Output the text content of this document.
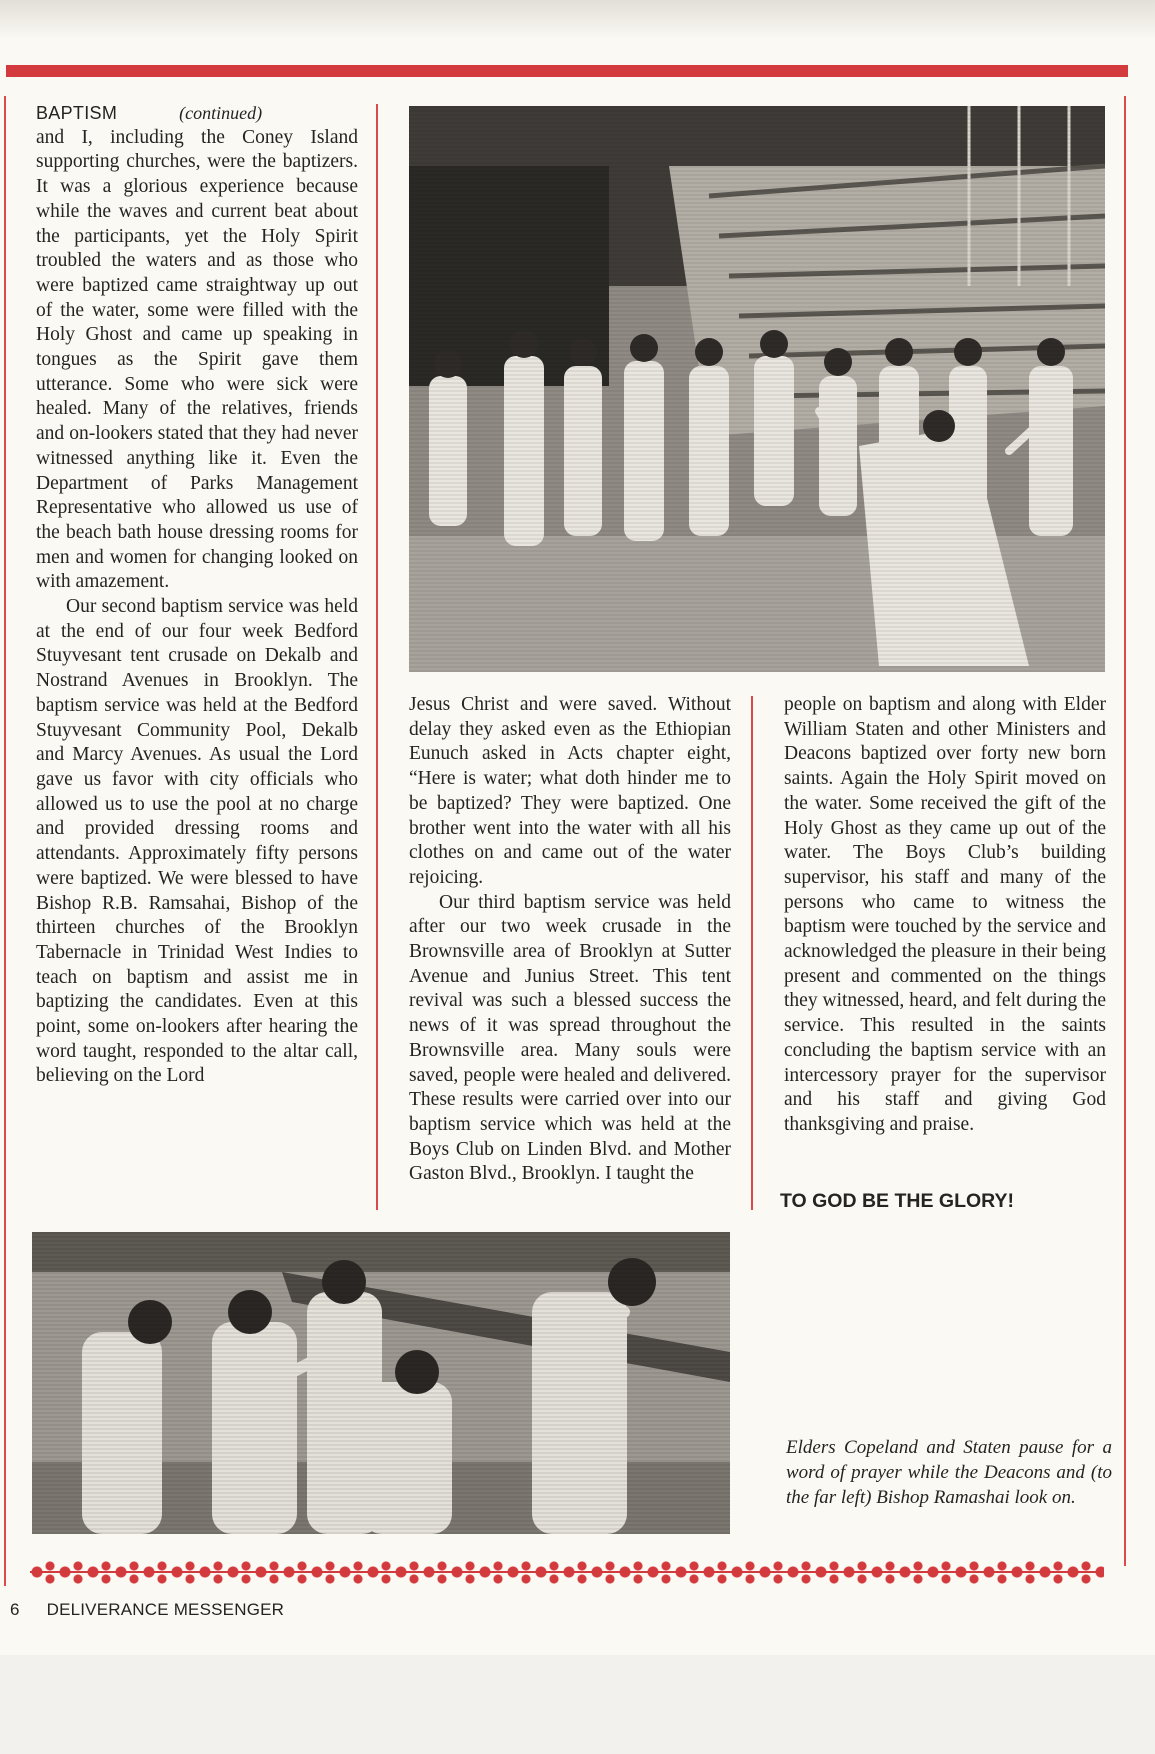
BAPTISM	(continued)

and I, including the Coney Island supporting churches, were the baptizers. It was a glorious experience because while the waves and current beat about the participants, yet the Holy Spirit troubled the waters and as those who were baptized came straightway up out of the water, some were filled with the Holy Ghost and came up speaking in tongues as the Spirit gave them utterance. Some who were sick were healed. Many of the relatives, friends and on-lookers stated that they had never witnessed anything like it. Even the Department of Parks Management Representative who allowed us use of the beach bath house dressing rooms for men and women for changing looked on with amazement.

Our second baptism service was held at the end of our four week Bedford Stuyvesant tent crusade on Dekalb and Nostrand Avenues in Brooklyn. The baptism service was held at the Bedford Stuyvesant Community Pool, Dekalb and Marcy Avenues. As usual the Lord gave us favor with city officials who allowed us to use the pool at no charge and provided dressing rooms and attendants. Approximately fifty persons were baptized. We were blessed to have Bishop R.B. Ramsahai, Bishop of the thirteen churches of the Brooklyn Tabernacle in Trinidad West Indies to teach on baptism and assist me in baptizing the candidates. Even at this point, some on-lookers after hearing the word taught, responded to the altar call, believing on the Lord

Jesus Christ and were saved. Without delay they asked even as the Ethiopian Eunuch asked in Acts chapter eight, “Here is water; what doth hinder me to be baptized? They were baptized. One brother went into the water with all his clothes on and came out of the water rejoicing.

Our third baptism service was held after our two week crusade in the Brownsville area of Brooklyn at Sutter Avenue and Junius Street. This tent revival was such a blessed success the news of it was spread throughout the Brownsville area. Many souls were saved, people were healed and delivered. These results were carried over into our baptism service which was held at the Boys Club on Linden Blvd. and Mother Gaston Blvd., Brooklyn. I taught the

people on baptism and along with Elder William Staten and other Ministers and Deacons baptized over forty new born saints. Again the Holy Spirit moved on the water. Some received the gift of the Holy Ghost as they came up out of the water. The Boys Club’s building supervisor, his staff and many of the persons who came to witness the baptism were touched by the service and acknowledged the pleasure in their being present and commented on the things they witnessed, heard, and felt during the service. This resulted in the saints concluding the baptism service with an intercessory prayer for the supervisor and his staff and giving God thanksgiving and praise.

TO GOD BE THE GLORY!
Elders Copeland and Staten pause for a word of prayer while the Deacons and (to the far left) Bishop Ramashai look on.
6 DELIVERANCE MESSENGER
